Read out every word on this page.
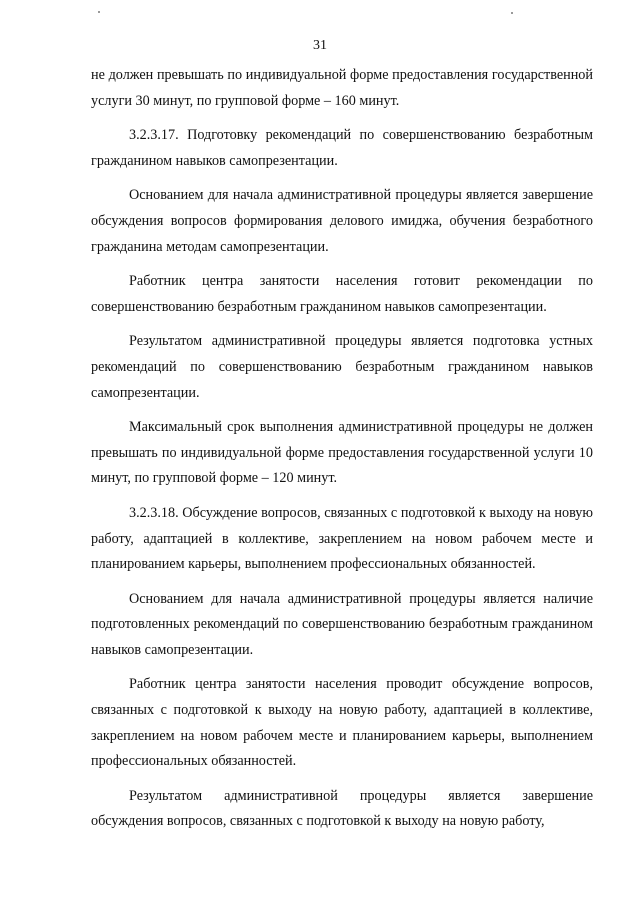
31

не должен превышать по индивидуальной форме предоставления государственной услуги 30 минут, по групповой форме – 160 минут.

3.2.3.17. Подготовку рекомендаций по совершенствованию безработным гражданином навыков самопрезентации.

Основанием для начала административной процедуры является завершение обсуждения вопросов формирования делового имиджа, обучения безработного гражданина методам самопрезентации.

Работник центра занятости населения готовит рекомендации по совершенствованию безработным гражданином навыков самопрезентации.

Результатом административной процедуры является подготовка устных рекомендаций по совершенствованию безработным гражданином навыков самопрезентации.

Максимальный срок выполнения административной процедуры не должен превышать по индивидуальной форме предоставления государственной услуги 10 минут, по групповой форме – 120 минут.

3.2.3.18. Обсуждение вопросов, связанных с подготовкой к выходу на новую работу, адаптацией в коллективе, закреплением на новом рабочем месте и планированием карьеры, выполнением профессиональных обязанностей.

Основанием для начала административной процедуры является наличие подготовленных рекомендаций по совершенствованию безработным гражданином навыков самопрезентации.

Работник центра занятости населения проводит обсуждение вопросов, связанных с подготовкой к выходу на новую работу, адаптацией в коллективе, закреплением на новом рабочем месте и планированием карьеры, выполнением профессиональных обязанностей.

Результатом административной процедуры является завершение обсуждения вопросов, связанных с подготовкой к выходу на новую работу,
